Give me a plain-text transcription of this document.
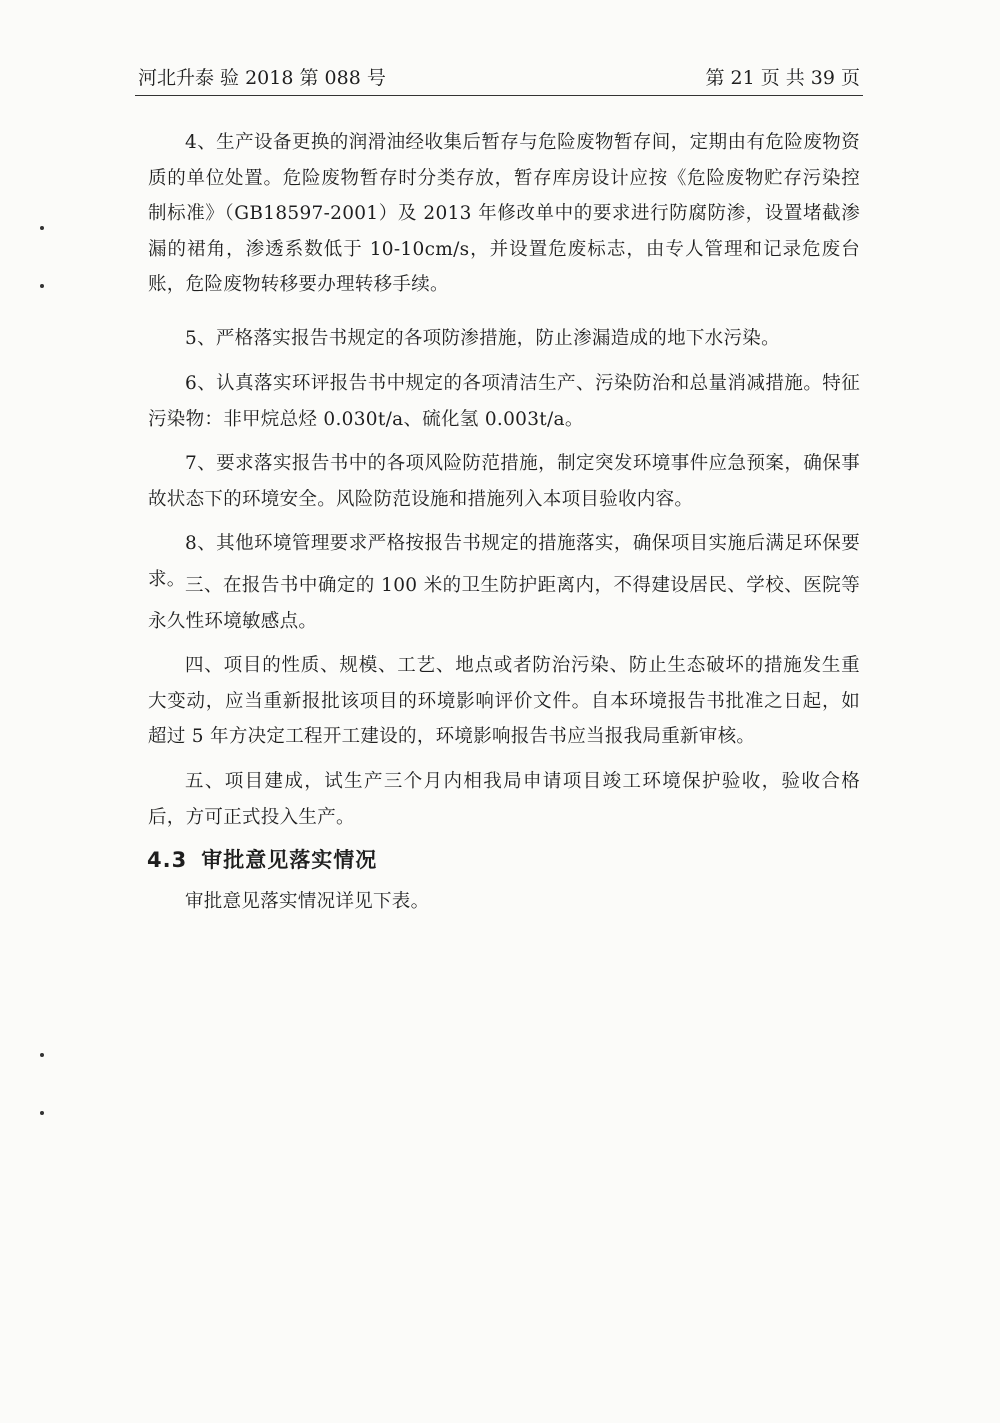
河北升泰 验 2018 第 088 号	第 21 页 共 39 页

4、生产设备更换的润滑油经收集后暂存与危险废物暂存间，定期由有危险废物资质的单位处置。危险废物暂存时分类存放，暂存库房设计应按《危险废物贮存污染控制标准》（GB18597-2001）及 2013 年修改单中的要求进行防腐防渗，设置堵截渗漏的裙角，渗透系数低于 10-10cm/s，并设置危废标志，由专人管理和记录危废台账，危险废物转移要办理转移手续。

5、严格落实报告书规定的各项防渗措施，防止渗漏造成的地下水污染。

6、认真落实环评报告书中规定的各项清洁生产、污染防治和总量消减措施。特征污染物：非甲烷总烃 0.030t/a、硫化氢 0.003t/a。

7、要求落实报告书中的各项风险防范措施，制定突发环境事件应急预案，确保事故状态下的环境安全。风险防范设施和措施列入本项目验收内容。

8、其他环境管理要求严格按报告书规定的措施落实，确保项目实施后满足环保要求。 三、在报告书中确定的 100 米的卫生防护距离内，不得建设居民、学校、医院等永久性环境敏感点。

四、项目的性质、规模、工艺、地点或者防治污染、防止生态破坏的措施发生重大变动，应当重新报批该项目的环境影响评价文件。自本环境报告书批准之日起，如超过 5 年方决定工程开工建设的，环境影响报告书应当报我局重新审核。

五、项目建成，试生产三个月内相我局申请项目竣工环境保护验收，验收合格后，方可正式投入生产。

4.3 审批意见落实情况

审批意见落实情况详见下表。
